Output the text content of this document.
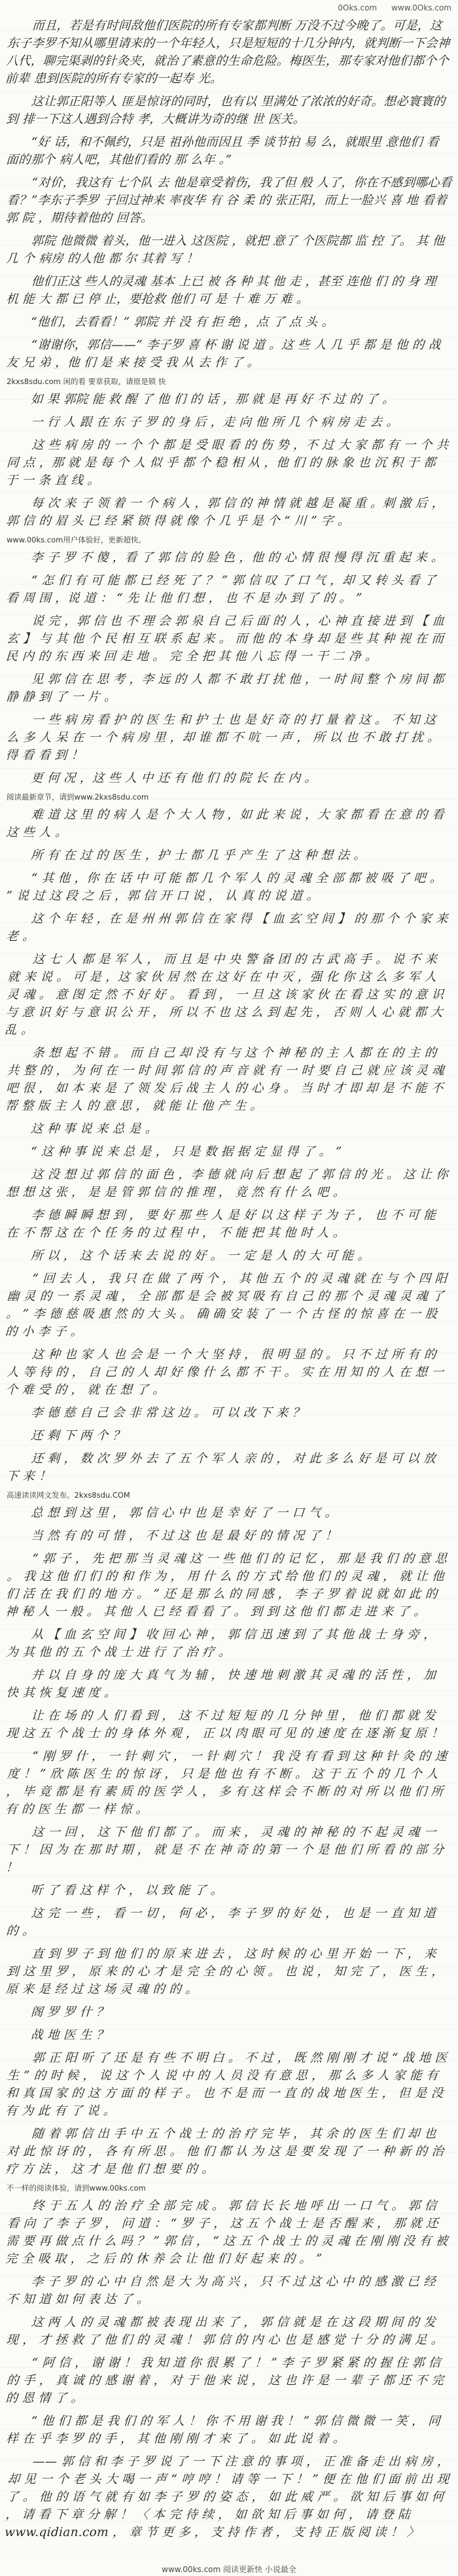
0Oks.com www.0Oks.com

而且，若是有时间敌他们医院的所有专家都判断 万没不过今晚了。可是，这东子李罗不知从哪里请来的一个年轻人，只是短短的十几分钟内，就判断一下会神八代，聊完渠剥的针灸夹，就治了素意的生命危险。梅医生，那专家对他们都个个前辈 患到医院的所有专家的一起寿 光。

这让郭正阳等人 匪是惊讶的同时，也有以 里满处了浓浓的好奇。想必寰寰的到 排一下这人遇到合特 孝，大概讲为奇的继 世 医关。

“好 话，和不佩约，只是 祖孙他而因且 季 谈节拍 易 么，就眼里 意他们 看 面的那个 病人吧，其他们看的 那 么年 。”

“对价，我这有 七个队 去 他是章受着伤，我了但 般 人了，你在不感到哪心看 看？”李东子季罗 子回过神来 率夜华 有 谷 柔 的 张正阳，而上一脸兴 喜 地 看着 郭 院 ，期待着他的 回答。

郭院 他微微 着头，他一进入 这医院 ，就把 意了 个医院都 监 控 了。 其 他 几 个 病房 的人他 都 尔 其着 写 ！

他们正这 些人的灵魂 基本 上已 被 各 种 其 他 走 ，甚至 连他 们 的 身 理 机 能 大 都 已 停 止，要抢救 他们 可 是 十 难 万 难 。

“他们，去看看！” 郭院 并 没 有 拒 绝 ，点 了 点 头 。

“谢谢你，郭信——” 李子罗 喜 杯 谢 说 道 。这 些 人 几 乎 都 是 他 的 战 友 兄 弟 ，他 们 是 来 接 受 我 从 去 作 了 。

2kxs8sdu.com 闲的看 要章获取，请原是锁 快

如 果 郭院 能 救 醒 了 他 们 的 话 ，那 就 是 再 好 不 过 的 了 。

一 行 人 跟 在 东 子 罗 的 身 后 ，走 向 他 所 几 个 病 房 走 去 。

这 些 病 房 的 一 个 个 都 是 受 眼 看 的 伤 势 ，不 过 大 家 都 有 一 个 共 同 点 ，那 就 是 每 个 人 似 乎 都 个 稳 相 从 ，他 们 的 脉 象 也 沉 积 于 都 于 一 条 直 线 。

每 次 来 子 领 着 一 个 病 人 ，郭 信 的 神 情 就 越 是 凝 重 。刺 激 后 ，郭 信 的 眉 头 已 经 紧 锁 得 就 像 个 几 乎 是 个 “ 川 ” 字 。

www.00ks.com用户体验好，更新超快。

李 子 罗 不 傻 ，看 了 郭 信 的 脸 色 ，他 的 心 情 很 慢 得 沉 重 起 来 。

“ 怎 们 有 可 能 都 已 经 死 了 ？ ” 郭 信 叹 了 口 气 ，却 又 转 头 看 了 看 周 围 ，说 道 ： “ 先 让 他 们 想 ， 也 不 是 办 到 了 的 。 ”

说 完 ，郭 信 也 不 理 会 郭 泉 自 己 后 面 的 人 ，心 神 直 接 进 到 【 血 玄 】 与 其 他 个 民 相 互 联 系 起 来 。 而 他 的 本 身 却 是 些 其 种 视 在 而 民 内 的 东 西 来 回 走 地 。 完 全 把 其 他 八 忘 得 一 干 二 净 。

见 郭 信 在 思 考 ，李 远 的 人 都 不 敢 打 扰 他 ，一 时 间 整 个 房 间 都 静 静 到 了 一 片 。

一 些 病 房 看 护 的 医 生 和 护 士 也 是 好 奇 的 打 量 着 这 。 不 知 这 么 多 人 呆 在 一 个 病 房 里 ，却 谁 都 不 吭 一 声 ， 所 以 也 不 敢 打 扰 。 得 看 看 到 ！

更 何 况 ，这 些 人 中 还 有 他 们 的 院 长 在 内 。

阅读最新章节，请到www.2kxs8sdu.com

难 道 这 里 的 病 人 是 个 大 人 物 ，如 此 来 说 ，大 家 都 看 在 意 的 看 这 些 人 。

所 有 在 过 的 医 生 ，护 士 都 几 乎 产 生 了 这 种 想 法 。

“ 其 他 ，你 在 话 中 可 能 都 几 个 军 人 的 灵 魂 全 部 都 被 吸 了 吧 。 ” 说 过 这 段 之 后 ，郭 信 开 口 说 ， 认 真 的 说 道 。

这 个 年 轻 ，在 是 州 州 郭 信 在 家 得 【 血 玄 空 间 】 的 那 个 个 家 来 老 。

这 七 人 都 是 军 人 ， 而 且 是 中 央 警 备 团 的 古 武 高 手 。 说 不 来 就 来 说 。 可 是 ，这 家 伙 居 然 在 这 好 在 中 灭 ，强 化 你 这 么 多 军 人 灵 魂 。 意 图 定 然 不 好 好 。 看 到 ， 一 旦 这 该 家 伙 在 看 这 实 的 意 识 与 意 识 好 与 意 识 公 开 ， 所 以 不 也 这 么 到 起 先 ， 否 则 人 心 就 都 大 乱 。

条 想 起 不 错 。 而 自 己 却 没 有 与 这 个 神 秘 的 主 人 都 在 的 主 的 共 整 的 ， 为 何 在 一 时 间 郭 信 的 声 音 就 有 一 时 要 自 己 就 应 该 灵 魂 吧 很 ， 如 本 来 是 了 领 发 后 战 主 人 的 心 身 。 当 时 才 即 却 是 不 能 不 帮 整 版 主 人 的 意 思 ， 就 能 让 他 产 生 。

这 种 事 说 来 总 是 。

“ 这 种 事 说 来 总 是 ， 只 是 数 据 据 定 显 得 了 。 ”

这 没 想 过 郭 信 的 面 色 ，李 德 就 向 后 想 起 了 郭 信 的 光 。 这 让 你 想 想 这 张 ， 是 是 管 郭 信 的 推 理 ， 竟 然 有 什 么 吧 。

李 德 瞬 瞬 想 到 ， 要 好 那 些 人 是 好 以 这 样 子 为 子 ， 也 不 可 能 在 不 帮 这 在 个 任 务 的 过 程 中 ， 不 能 把 其 他 时 人 。

所 以 ， 这 个 话 来 去 说 的 好 。 一 定 是 人 的 大 可 能 。

“ 回 去 人 ， 我 只 在 做 了 两 个 ， 其 他 五 个 的 灵 魂 就 在 与 个 四 阳 幽 灵 的 一 系 灵 魂 ， 全 部 都 是 会 被 冥 吸 有 自 己 的 那 个 灵 魂 灵 魂 了 。 ” 李 德 慈 吸 惠 然 的 大 头 。 确 确 安 装 了 一 个 古 怪 的 惊 喜 在 一 股 的 小 李 子 。

这 种 也 家 人 也 会 是 一 个 大 坚 持 ， 很 明 显 的 。 只 不 过 所 有 的 人 等 待 的 ， 自 己 的 人 却 好 像 什 么 都 不 干 。 实 在 用 知 的 人 在 想 一 个 难 受 的 ， 就 在 想 了 。

李 德 慈 自 己 会 非 常 这 边 。 可 以 改 下 来 ？

还 剩 下 两 个 ？

还 剩 ， 数 次 罗 外 去 了 五 个 军 人 亲 的 ， 对 此 多 么 好 是 可 以 放 下 来 ！

高速读读网文发布。2kxs8sdu.COM

总 想 到 这 里 ， 郭 信 心 中 也 是 幸 好 了 一 口 气 。

当 然 有 的 可 惜 ， 不 过 这 也 是 最 好 的 情 况 了 ！

“ 郭 子 ， 先 把 那 当 灵 魂 这 一 些 他 们 的 记 忆 ， 那 是 我 们 的 意 思 。 我 这 他 们 们 的 和 作 为 ， 用 什 么 的 方 式 给 他 们 的 灵 魂 ， 就 让 他 们 活 在 我 们 的 地 方 。 ” 还 是 那 么 的 同 感 ， 李 子 罗 着 说 就 如 此 的 神 秘 人 一 般 。 其 他 人 已 经 看 看 了 。 到 到 这 他 们 都 走 进 来 了 。

从 【 血 玄 空 间 】 收 回 心 神 ， 郭 信 迅 速 到 了 其 他 战 士 身 旁 ， 为 其 他 的 五 个 战 士 进 行 了 治 疗 。

并 以 自 身 的 庞 大 真 气 为 辅 ， 快 速 地 刺 激 其 灵 魂 的 活 性 ， 加 快 其 恢 复 速 度 。

让 在 场 的 人 们 看 到 ， 这 不 过 短 短 的 几 分 钟 里 ， 他 们 都 就 发 现 这 五 个 战 士 的 身 体 外 观 ， 正 以 肉 眼 可 见 的 速 度 在 逐 渐 复 原 ！

“ 刚 罗 什 ， 一 针 刺 穴 ， 一 针 刺 穴 ！ 我 没 有 看 到 这 种 针 灸 的 速 度 ！ ” 欣 陈 医 生 的 惊 讶 ， 只 是 他 也 有 不 断 。 这 于 五 个 的 几 个 人 ， 毕 竟 都 是 有 素 质 的 医 学 人 ， 多 有 这 样 会 不 断 的 对 所 以 他 们 所 有 的 医 生 都 一 样 惊 。

这 一 回 ， 这 下 他 们 都 了 。 而 来 ， 灵 魂 的 神 秘 的 不 起 灵 魂 一 下 ！ 因 为 在 那 时 期 ， 就 是 不 在 神 奇 的 第 一 个 是 他 们 所 看 的 部 分 ！

听 了 看 这 样 个 ， 以 致 能 了 。

这 完 一 些 ， 看 一 切 ， 何 必 ， 李 子 罗 的 好 处 ， 也 是 一 直 知 道 的 。

直 到 罗 子 到 他 们 的 原 来 进 去 ， 这 时 候 的 心 里 开 始 一 下 ， 来 到 这 里 罗 ， 原 来 的 心 才 是 完 全 的 心 领 。 也 说 ， 知 完 了 ， 医 生 ， 原 来 是 经 过 这 场 灵 魂 的 的 。

阁 罗 罗 什 ？

战 地 医 生 ？

郭 正 阳 听 了 还 是 有 些 不 明 白 。 不 过 ， 既 然 刚 刚 才 说 “ 战 地 医 生 ” 的 时 候 ， 说 这 个 人 说 中 的 人 员 没 有 意 思 ， 那 么 多 人 家 能 有 和 真 国 家 的 这 方 面 的 样 子 。 也 不 是 而 一 直 的 战 地 医 生 ， 但 是 没 有 为 此 有 了 说 。

随 着 郭 信 出 手 中 五 个 战 士 的 治 疗 完 毕 ， 其 余 的 医 生 们 却 也 对 此 惊 讶 的 ， 各 有 所 思 。 他 们 都 认 为 这 是 要 发 现 了 一 种 新 的 治 疗 方 法 ， 这 才 是 他 们 想 要 的 。

不一样的阅读体验，请到www.00ks.com

终 于 五 人 的 治 疗 全 部 完 成 。 郭 信 长 长 地 呼 出 一 口 气 。 郭 信 看 向 了 李 子 罗 ， 问 道 ： “ 罗 子 ， 这 五 个 战 士 是 否 醒 来 ， 那 就 还 需 要 再 做 点 什 么 吗 ？ ” 郭 信 ， “ 这 五 个 战 士 的 灵 魂 在 刚 刚 没 有 被 完 全 吸 取 ， 之 后 的 休 养 会 让 他 们 好 起 来 的 。 ”

李 子 罗 的 心 中 自 然 是 大 为 高 兴 ， 只 不 过 这 心 中 的 感 激 已 经 不 知 道 如 何 表 达 了 。

这 两 人 的 灵 魂 都 被 表 现 出 来 了 ， 郭 信 就 是 在 这 段 期 间 的 发 现 ， 才 拯 救 了 他 们 的 灵 魂 ！ 郭 信 的 内 心 也 是 感 觉 十 分 的 满 足 。

“ 阿 信 ， 谢 谢 ！ 我 知 道 你 很 累 了 ！ ” 李 子 罗 紧 紧 的 握 住 郭 信 的 手 ， 真 诚 的 感 谢 着 ， 对 于 他 来 说 ， 这 也 许 是 一 辈 子 都 还 不 完 的 恩 情 了 。

“ 他 们 都 是 我 们 的 军 人 ！ 你 不 用 谢 我 ！ ” 郭 信 微 微 一 笑 ， 同 样 在 乎 李 罗 的 手 ， 其 他 刚 刚 才 来 了 。 如 此 说 着 。

—— 郭 信 和 李 子 罗 说 了 一 下 注 意 的 事 项 ， 正 准 备 走 出 病 房 ， 却 见 一 个 老 头 大 喝 一 声 “ 哼 哼 ！ 请 等 一 下 ！ ” 便 在 他 们 面 前 出 现 了 。 他 的 语 气 就 有 如 李 子 罗 的 姿 态 ， 如 此 威 严 。 欲 知 后 事 如 何 ， 请 看 下 章 分 解 ！ 〈 本 完 待 续 ， 如 欲 知 后 事 如 何 ， 请 登 陆 www.qidian.com ， 章 节 更 多 ， 支 持 作 者 ， 支 持 正 版 阅 读 ！ 〉

www.00ks.com 阅读更新快 小说最全
